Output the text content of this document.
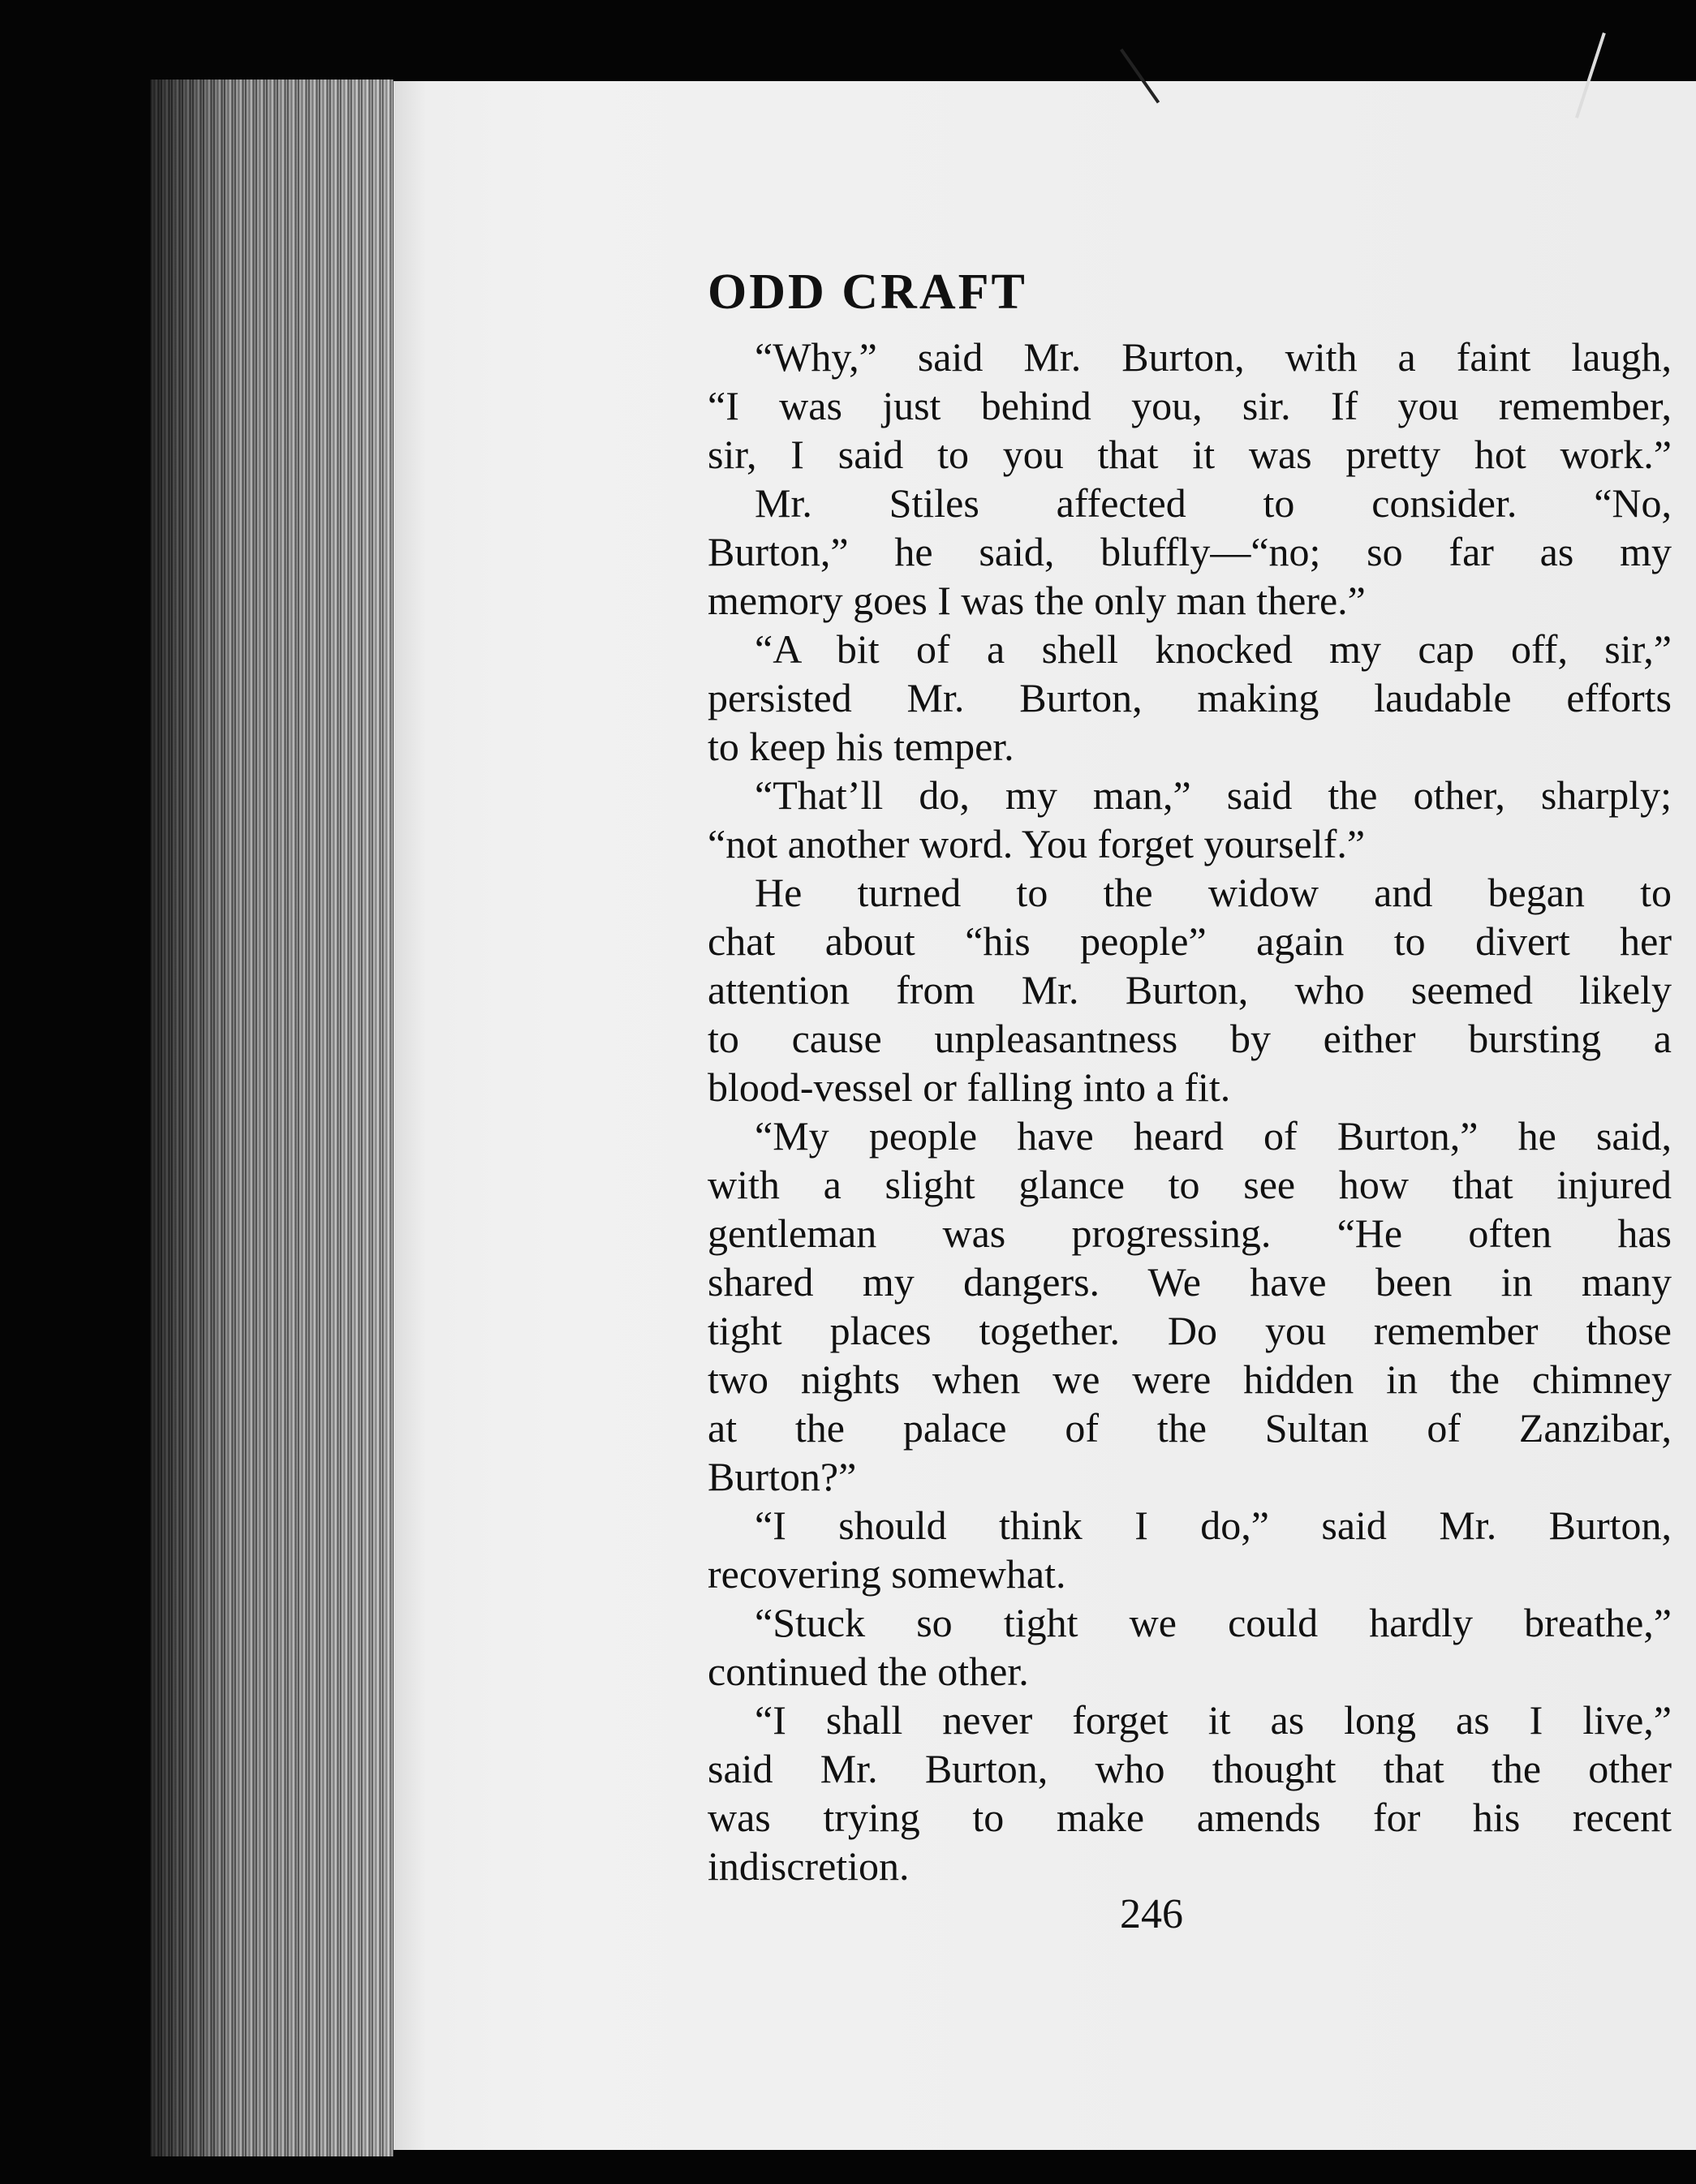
ODD CRAFT
“Why,” said Mr. Burton, with a faint laugh,
“I was just behind you, sir. If you remember,
sir, I said to you that it was pretty hot work.”
Mr. Stiles affected to consider. “No,
Burton,” he said, bluffly—“no; so far as my
memory goes I was the only man there.”
“A bit of a shell knocked my cap off, sir,”
persisted Mr. Burton, making laudable efforts
to keep his temper.
“That’ll do, my man,” said the other, sharply;
“not another word. You forget yourself.”
He turned to the widow and began to
chat about “his people” again to divert her
attention from Mr. Burton, who seemed likely
to cause unpleasantness by either bursting a
blood-vessel or falling into a fit.
“My people have heard of Burton,” he said,
with a slight glance to see how that injured
gentleman was progressing. “He often has
shared my dangers. We have been in many
tight places together. Do you remember those
two nights when we were hidden in the chimney
at the palace of the Sultan of Zanzibar,
Burton?”
“I should think I do,” said Mr. Burton,
recovering somewhat.
“Stuck so tight we could hardly breathe,”
continued the other.
“I shall never forget it as long as I live,”
said Mr. Burton, who thought that the other
was trying to make amends for his recent
indiscretion.
246
